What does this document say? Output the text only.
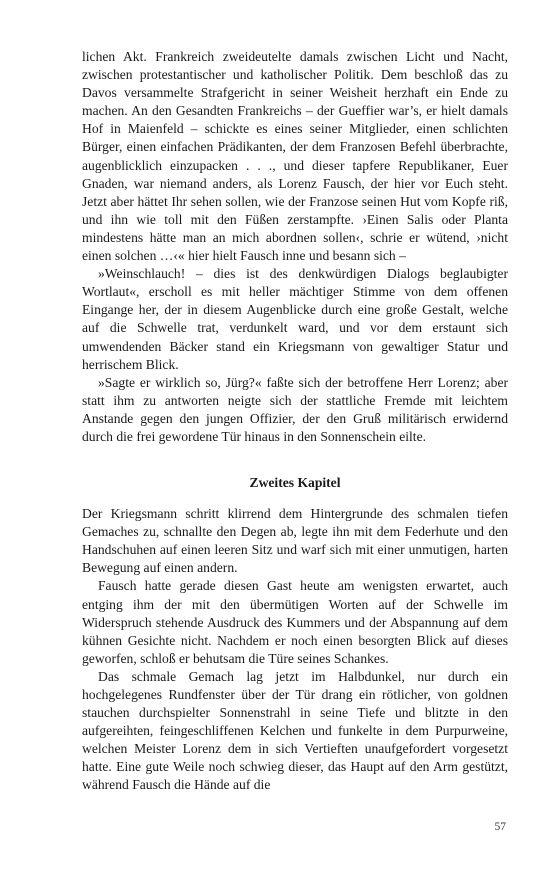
lichen Akt. Frankreich zweideutelte damals zwischen Licht und Nacht, zwischen protestantischer und katholischer Politik. Dem beschloß das zu Davos versammelte Strafgericht in seiner Weisheit herzhaft ein Ende zu machen. An den Gesandten Frankreichs – der Gueffier war’s, er hielt damals Hof in Maienfeld – schickte es eines seiner Mitglieder, einen schlichten Bürger, einen einfachen Prädikanten, der dem Franzosen Befehl überbrachte, augenblicklich einzupacken . . ., und dieser tapfere Republikaner, Euer Gnaden, war niemand anders, als Lorenz Fausch, der hier vor Euch steht. Jetzt aber hättet Ihr sehen sollen, wie der Franzose seinen Hut vom Kopfe riß, und ihn wie toll mit den Füßen zerstampfte. ›Einen Salis oder Planta mindestens hätte man an mich abordnen sollen‹, schrie er wütend, ›nicht einen solchen …‹« hier hielt Fausch inne und besann sich –

»Weinschlauch! – dies ist des denkwürdigen Dialogs beglaubigter Wortlaut«, erscholl es mit heller mächtiger Stimme von dem offenen Eingange her, der in diesem Augenblicke durch eine große Gestalt, welche auf die Schwelle trat, verdunkelt ward, und vor dem erstaunt sich umwendenden Bäcker stand ein Kriegsmann von gewaltiger Statur und herrischem Blick.

»Sagte er wirklich so, Jürg?« faßte sich der betroffene Herr Lorenz; aber statt ihm zu antworten neigte sich der stattliche Fremde mit leichtem Anstande gegen den jungen Offizier, der den Gruß militärisch erwidernd durch die frei gewordene Tür hinaus in den Sonnenschein eilte.

Zweites Kapitel

Der Kriegsmann schritt klirrend dem Hintergrunde des schmalen tiefen Gemaches zu, schnallte den Degen ab, legte ihn mit dem Federhute und den Handschuhen auf einen leeren Sitz und warf sich mit einer unmutigen, harten Bewegung auf einen andern.

Fausch hatte gerade diesen Gast heute am wenigsten erwartet, auch entging ihm der mit den übermütigen Worten auf der Schwelle im Widerspruch stehende Ausdruck des Kummers und der Abspannung auf dem kühnen Gesichte nicht. Nachdem er noch einen besorgten Blick auf dieses geworfen, schloß er behutsam die Türe seines Schankes.

Das schmale Gemach lag jetzt im Halbdunkel, nur durch ein hochgelegenes Rundfenster über der Tür drang ein rötlicher, von goldnen stauchen durchspielter Sonnenstrahl in seine Tiefe und blitzte in den aufgereihten, feingeschliffenen Kelchen und funkelte in dem Purpurweine, welchen Meister Lorenz dem in sich Vertieften unaufgefordert vorgesetzt hatte. Eine gute Weile noch schwieg dieser, das Haupt auf den Arm gestützt, während Fausch die Hände auf die

57
